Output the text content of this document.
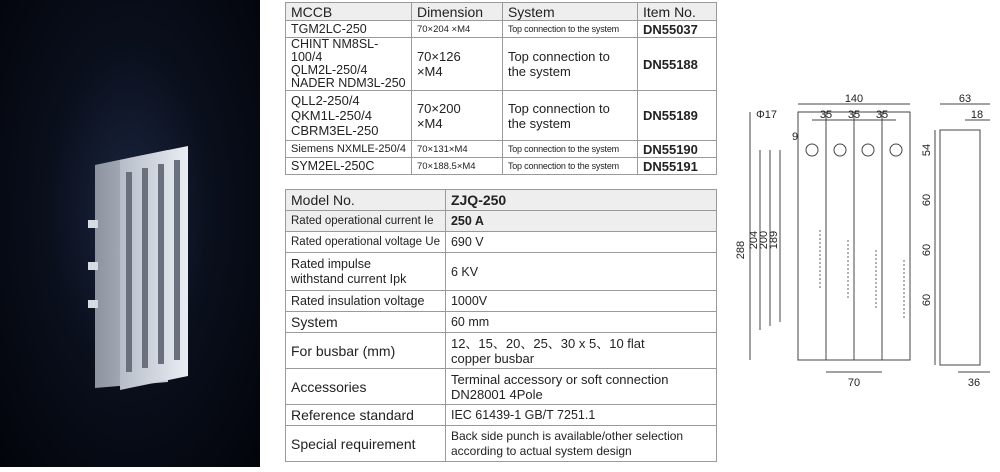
MCCB	Dimension	System	Item No.
TGM2LC-250	70×204 ×M4	Top connection to the system	DN55037
CHINT NM8SL-100/4
QLM2L-250/4
NADER NDM3L-250	70×126
×M4	Top connection to
the system	DN55188
QLL2-250/4
QKM1L-250/4
CBRM3EL-250	70×200
×M4	Top connection to
the system	DN55189
Siemens NXMLE-250/4	70×131×M4	Top connection to the system	DN55190
SYM2EL-250C	70×188.5×M4	Top connection to the system	DN55191
Model No.	ZJQ-250
Rated operational current Ie	250 A
Rated operational voltage Ue	690 V
Rated impulse
withstand current Ipk	6 KV
Rated insulation voltage	1000V
System	60 mm
For busbar (mm)	12、15、20、25、30 x 5、10 flat
copper busbar
Accessories	Terminal accessory or soft connection
DN28001 4Pole
Reference standard	IEC 61439-1 GB/T 7251.1
Special requirement	Back side punch is available/other selection
according to actual system design
140
35 35 35
Φ17
9
288
204
200
189
70
63
18
54
60
60
60
36
